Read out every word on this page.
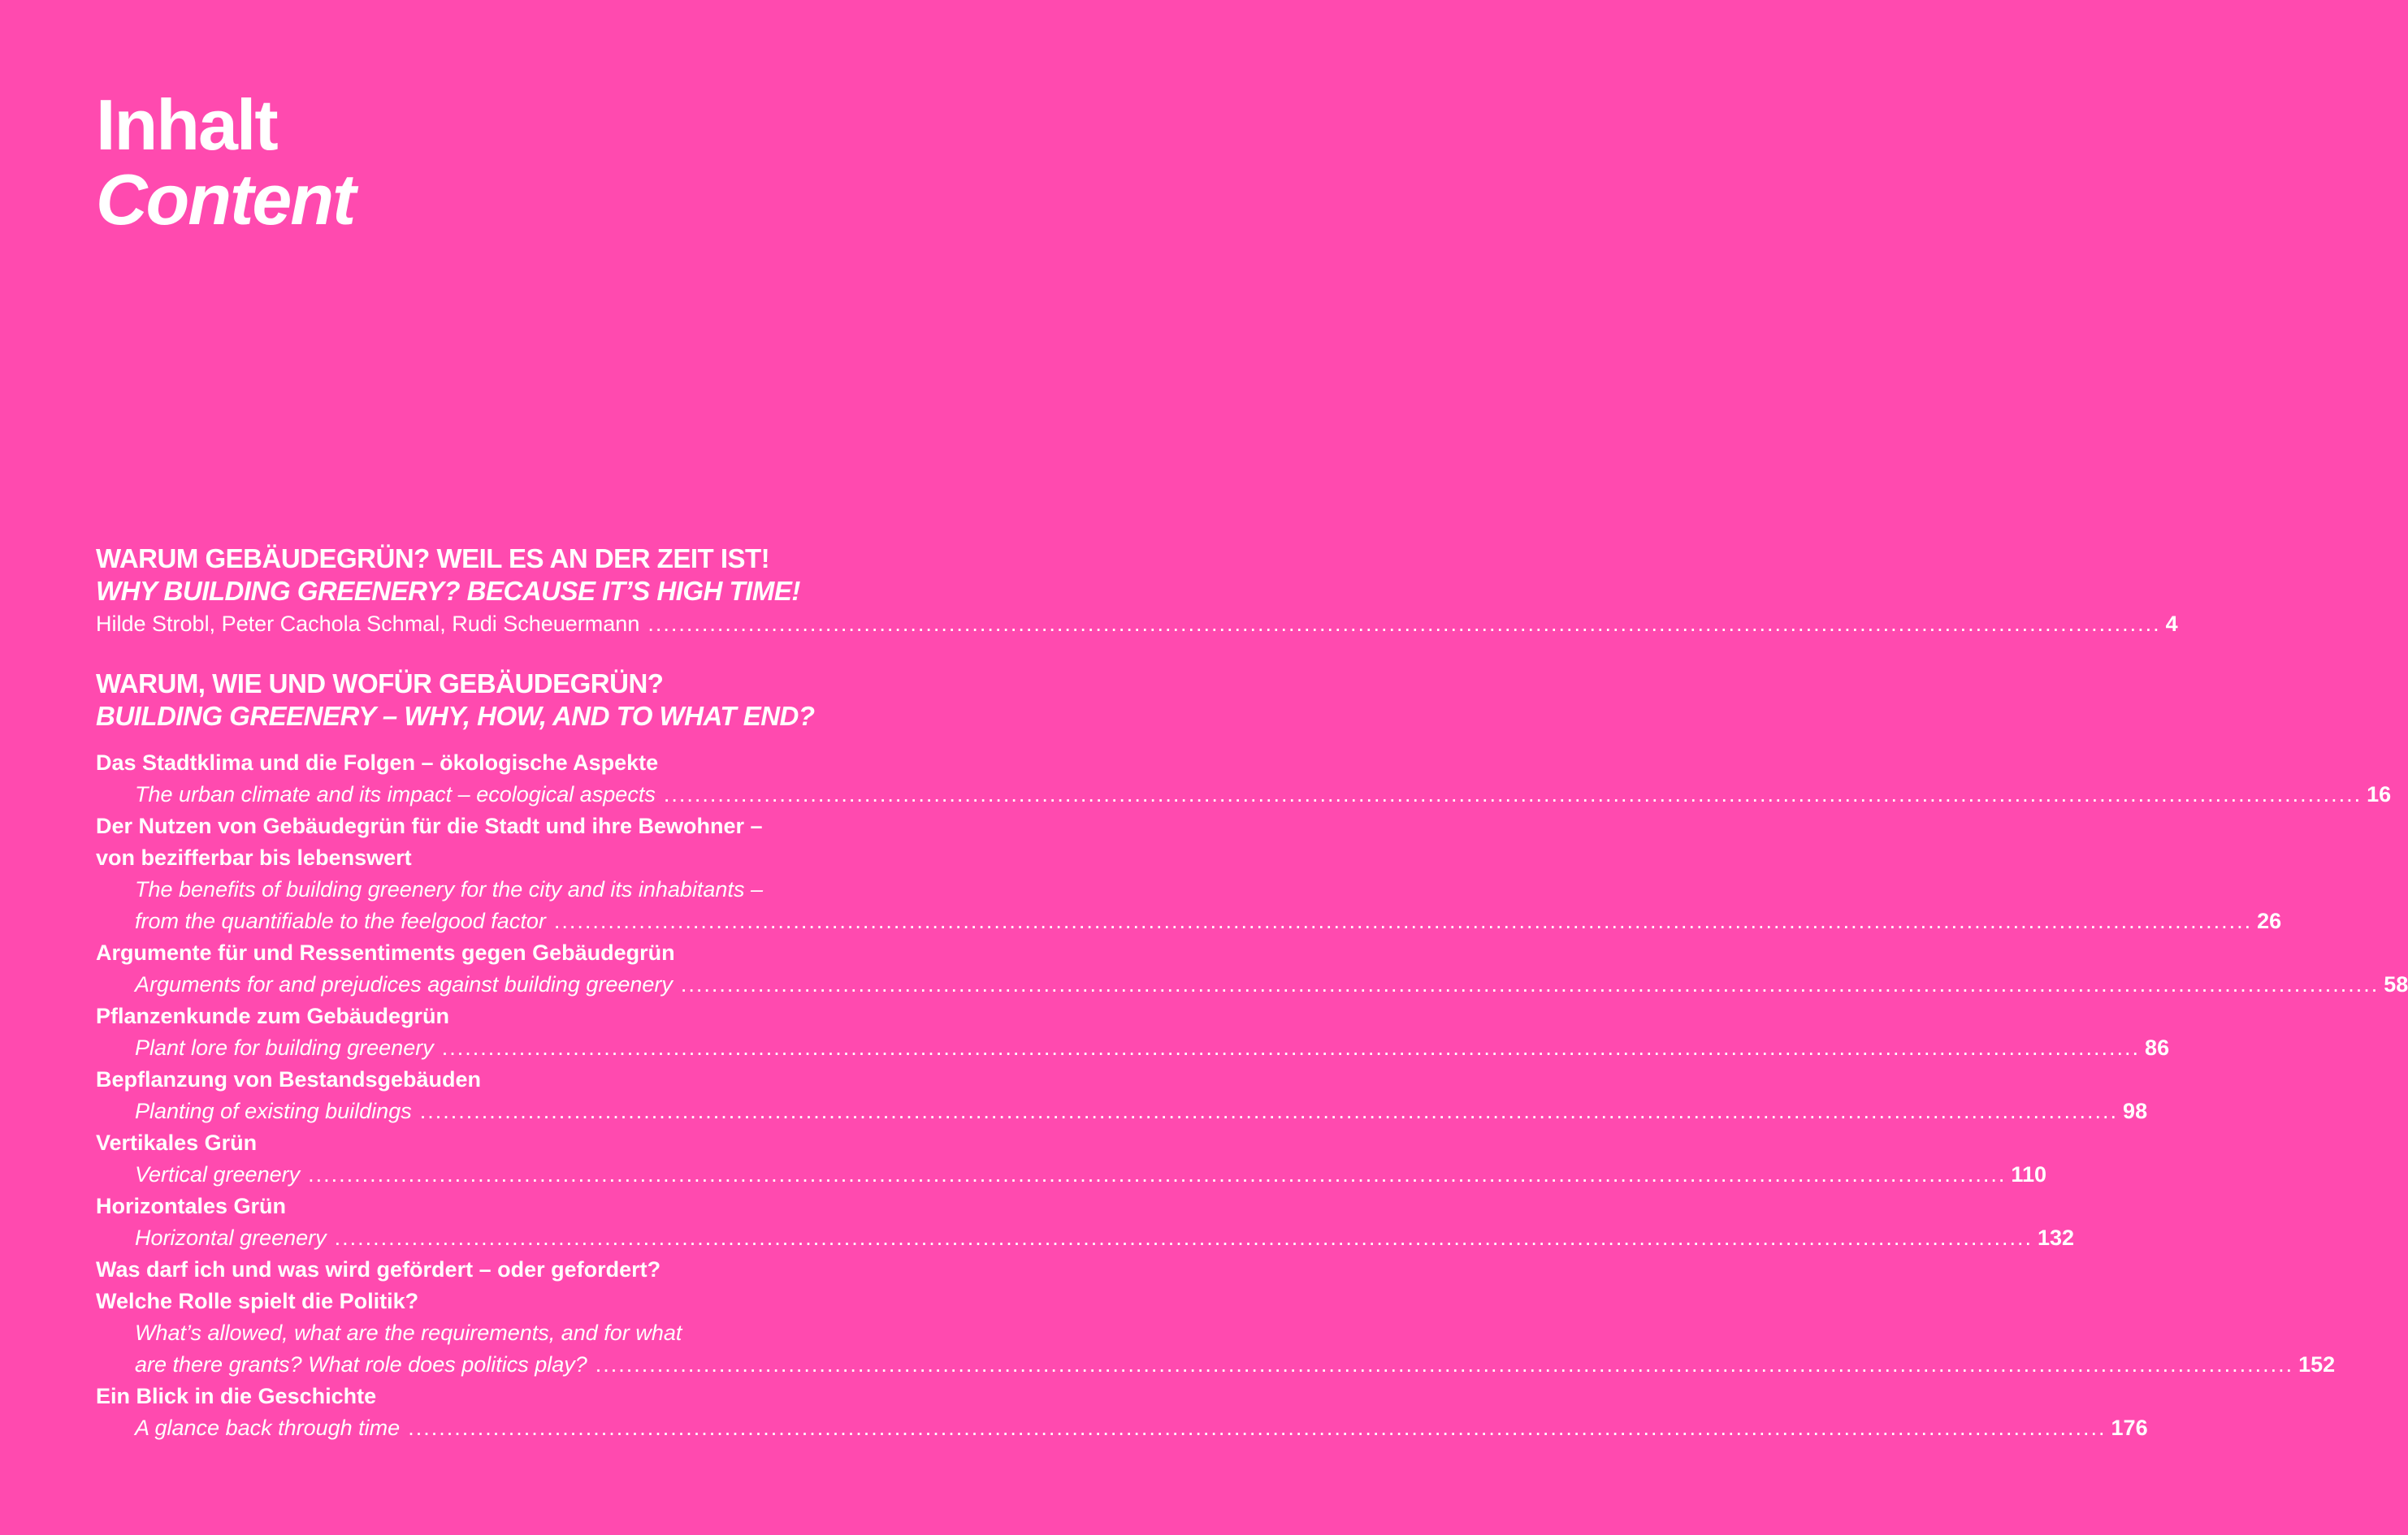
Inhalt
Content
WARUM GEBÄUDEGRÜN? WEIL ES AN DER ZEIT IST!
WHY BUILDING GREENERY? BECAUSE IT’S HIGH TIME!
Hilde Strobl, Peter Cachola Schmal, Rudi Scheuermann .................................................................................................................................................................................................... 4
WARUM, WIE UND WOFÜR GEBÄUDEGRÜN?
BUILDING GREENERY – WHY, HOW, AND TO WHAT END?
Das Stadtklima und die Folgen – ökologische Aspekte
The urban climate and its impact – ecological aspects ............................................................................................................................................................................................................................ 16
Der Nutzen von Gebäudegrün für die Stadt und ihre Bewohner –
von bezifferbar bis lebenswert
The benefits of building greenery for the city and its inhabitants –
from the quantifiable to the feelgood factor ............................................................................................................................................................................................................................ 26
Argumente für und Ressentiments gegen Gebäudegrün
Arguments for and prejudices against building greenery ............................................................................................................................................................................................................................ 58
Pflanzenkunde zum Gebäudegrün
Plant lore for building greenery ............................................................................................................................................................................................................................ 86
Bepflanzung von Bestandsgebäuden
Planting of existing buildings ............................................................................................................................................................................................................................ 98
Vertikales Grün
Vertical greenery ............................................................................................................................................................................................................................ 110
Horizontales Grün
Horizontal greenery ............................................................................................................................................................................................................................ 132
Was darf ich und was wird gefördert – oder gefordert?
Welche Rolle spielt die Politik?
What’s allowed, what are the requirements, and for what
are there grants? What role does politics play? ............................................................................................................................................................................................................................ 152
Ein Blick in die Geschichte
A glance back through time ............................................................................................................................................................................................................................ 176
